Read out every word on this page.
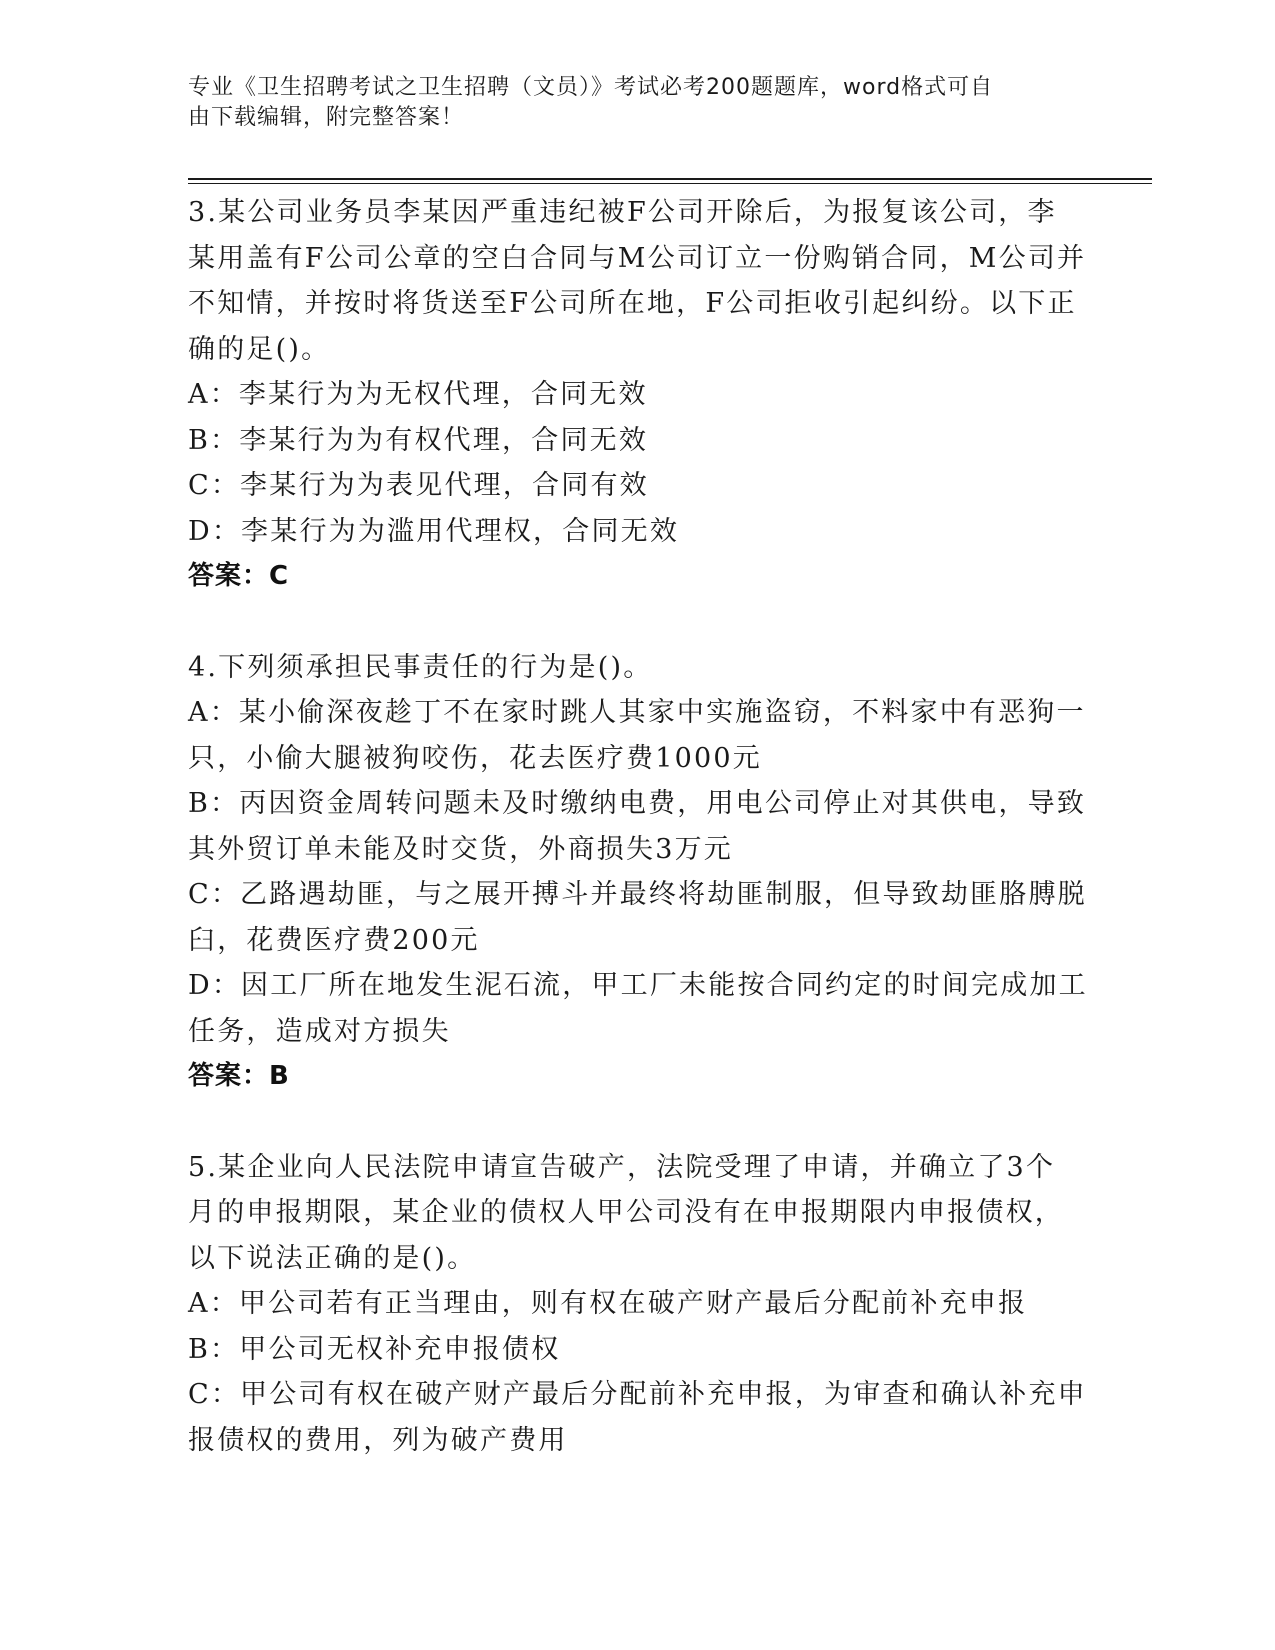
专业《卫生招聘考试之卫生招聘（文员）》考试必考200题题库，word格式可自
由下载编辑，附完整答案！
3.某公司业务员李某因严重违纪被F公司开除后，为报复该公司，李
某用盖有F公司公章的空白合同与M公司订立一份购销合同，M公司并
不知情，并按时将货送至F公司所在地，F公司拒收引起纠纷。以下正
确的足()。
A：李某行为为无权代理，合同无效
B：李某行为为有权代理，合同无效
C：李某行为为表见代理，合同有效
D：李某行为为滥用代理权，合同无效
答案：C
4.下列须承担民事责任的行为是()。
A：某小偷深夜趁丁不在家时跳人其家中实施盗窃，不料家中有恶狗一
只，小偷大腿被狗咬伤，花去医疗费1000元
B：丙因资金周转问题未及时缴纳电费，用电公司停止对其供电，导致
其外贸订单未能及时交货，外商损失3万元
C：乙路遇劫匪，与之展开搏斗并最终将劫匪制服，但导致劫匪胳膊脱
臼，花费医疗费200元
D：因工厂所在地发生泥石流，甲工厂未能按合同约定的时间完成加工
任务，造成对方损失
答案：B
5.某企业向人民法院申请宣告破产，法院受理了申请，并确立了3个
月的申报期限，某企业的债权人甲公司没有在申报期限内申报债权，
以下说法正确的是()。
A：甲公司若有正当理由，则有权在破产财产最后分配前补充申报
B：甲公司无权补充申报债权
C：甲公司有权在破产财产最后分配前补充申报，为审查和确认补充申
报债权的费用，列为破产费用
